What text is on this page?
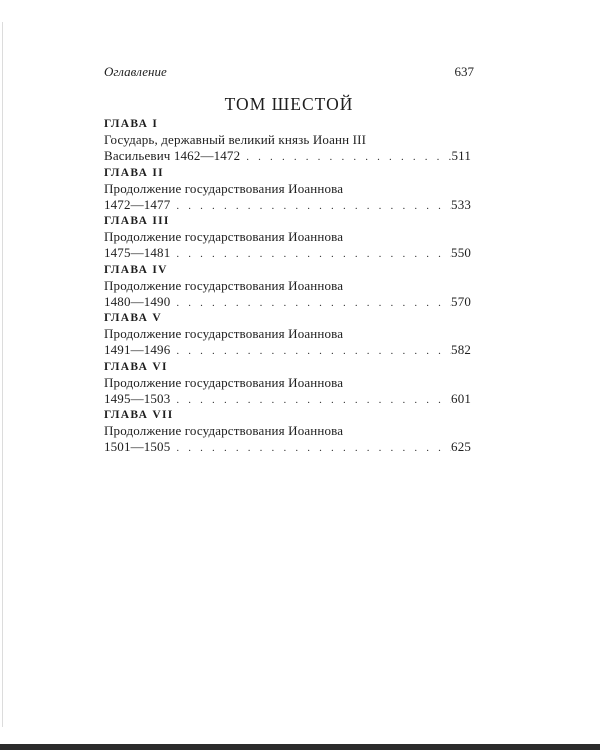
Оглавление	637
ТОМ ШЕСТОЙ
ГЛАВА I
Государь, державный великий князь Иоанн III
Васильевич 1462—1472 . . .	511
ГЛАВА II
Продолжение государствования Иоаннова
1472—1477 . . .	533
ГЛАВА III
Продолжение государствования Иоаннова
1475—1481 . . .	550
ГЛАВА IV
Продолжение государствования Иоаннова
1480—1490 . . .	570
ГЛАВА V
Продолжение государствования Иоаннова
1491—1496 . . .	582
ГЛАВА VI
Продолжение государствования Иоаннова
1495—1503 . . .	601
ГЛАВА VII
Продолжение государствования Иоаннова
1501—1505 . . .	625
